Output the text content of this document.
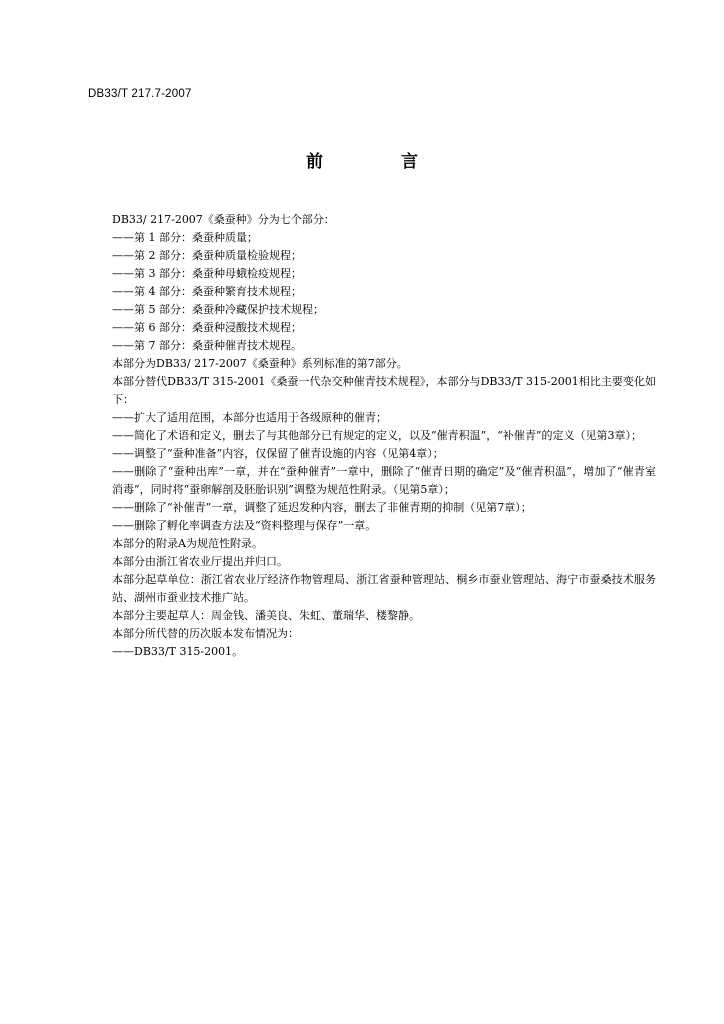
DB33/T 217.7-2007
前 言

DB33/ 217-2007《桑蚕种》分为七个部分：

——第 1 部分：桑蚕种质量；

——第 2 部分：桑蚕种质量检验规程；

——第 3 部分：桑蚕种母蛾检疫规程；

——第 4 部分：桑蚕种繁育技术规程；

——第 5 部分：桑蚕种冷藏保护技术规程；

——第 6 部分：桑蚕种浸酸技术规程；

——第 7 部分：桑蚕种催青技术规程。

本部分为DB33/ 217-2007《桑蚕种》系列标准的第7部分。

本部分替代DB33/T 315-2001《桑蚕一代杂交种催青技术规程》，本部分与DB33/T 315-2001相比主要变化如下：

——扩大了适用范围，本部分也适用于各级原种的催青；

——简化了术语和定义，删去了与其他部分已有规定的定义，以及“催青积温”，“补催青”的定义（见第3章）；

——调整了“蚕种准备”内容，仅保留了催青设施的内容（见第4章）；

——删除了“蚕种出库”一章，并在“蚕种催青”一章中，删除了“催青日期的确定”及“催青积温”，增加了“催青室消毒”，同时将“蚕卵解剖及胚胎识别”调整为规范性附录。（见第5章）；

——删除了“补催青”一章，调整了延迟发种内容，删去了非催青期的抑制（见第7章）；

——删除了孵化率调查方法及“资料整理与保存”一章。

本部分的附录A为规范性附录。

本部分由浙江省农业厅提出并归口。

本部分起草单位：浙江省农业厅经济作物管理局、浙江省蚕种管理站、桐乡市蚕业管理站、海宁市蚕桑技术服务站、湖州市蚕业技术推广站。

本部分主要起草人：周金钱、潘美良、朱虹、董瑞华、楼黎静。

本部分所代替的历次版本发布情况为：

——DB33/T 315-2001。
